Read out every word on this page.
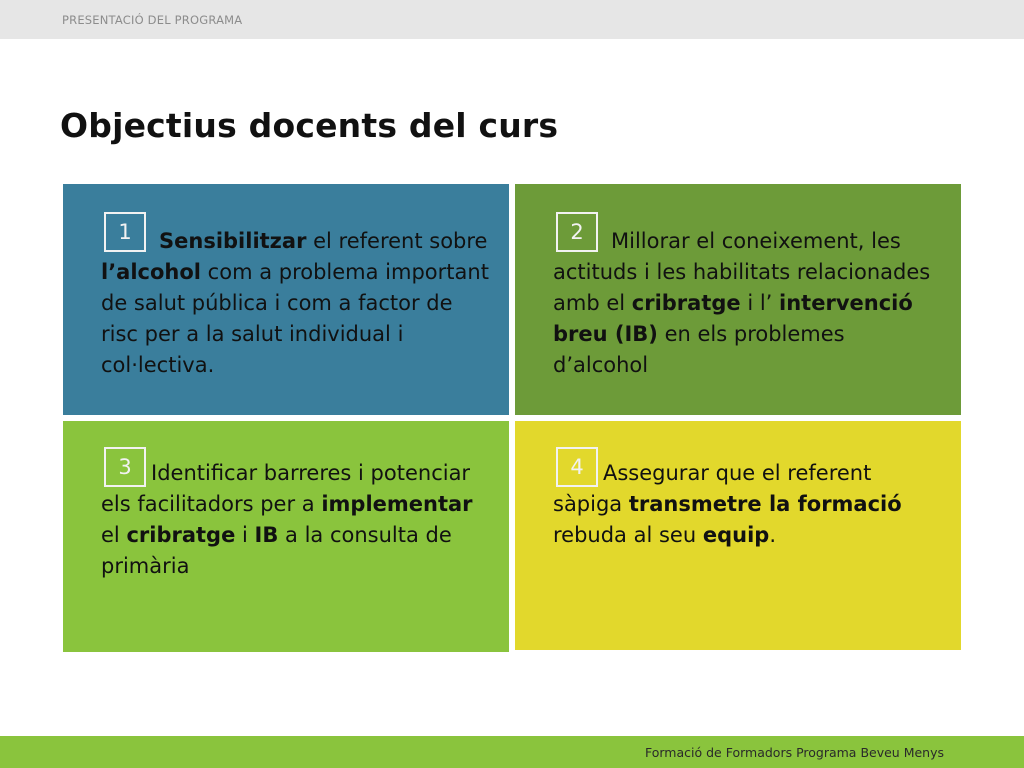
PRESENTACIÓ DEL PROGRAMA
Objectius docents del curs
1	Sensibilitzar el referent sobre l’alcohol com a problema important de salut pública i com a factor de risc per a la salut individual i col·lectiva.
2	Millorar el coneixement, les actituds i les habilitats relacionades amb el cribratge i l’ intervenció breu (IB) en els problemes d’alcohol
3 Identificar barreres i potenciar els facilitadors per a implementar el cribratge i IB a la consulta de primària
4 Assegurar que el referent sàpiga transmetre la formació rebuda al seu equip.
Formació de Formadors Programa Beveu Menys
